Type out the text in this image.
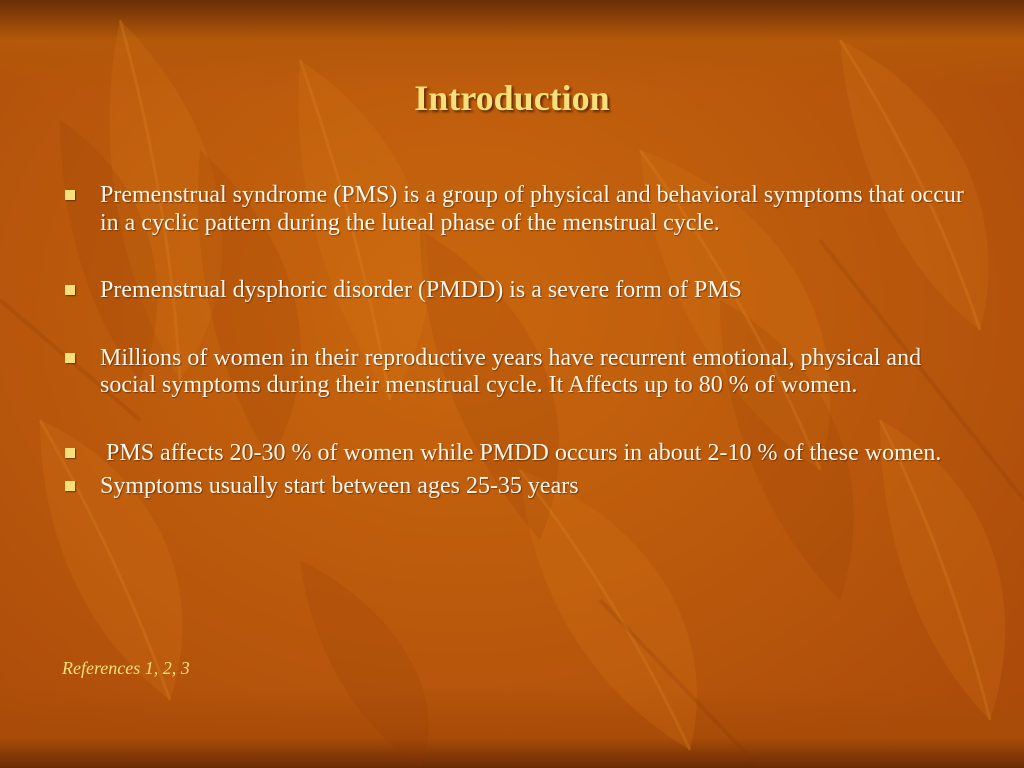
Introduction
Premenstrual syndrome (PMS) is a group of physical and behavioral symptoms that occur in a cyclic pattern during the luteal phase of the menstrual cycle.
Premenstrual dysphoric disorder (PMDD) is a severe form of PMS
Millions of women in their reproductive years have recurrent emotional, physical and social symptoms during their menstrual cycle. It Affects up to 80 % of women.
PMS affects 20-30 % of women while PMDD occurs in about 2-10 % of these women.
Symptoms usually start between ages 25-35 years
References 1, 2, 3
